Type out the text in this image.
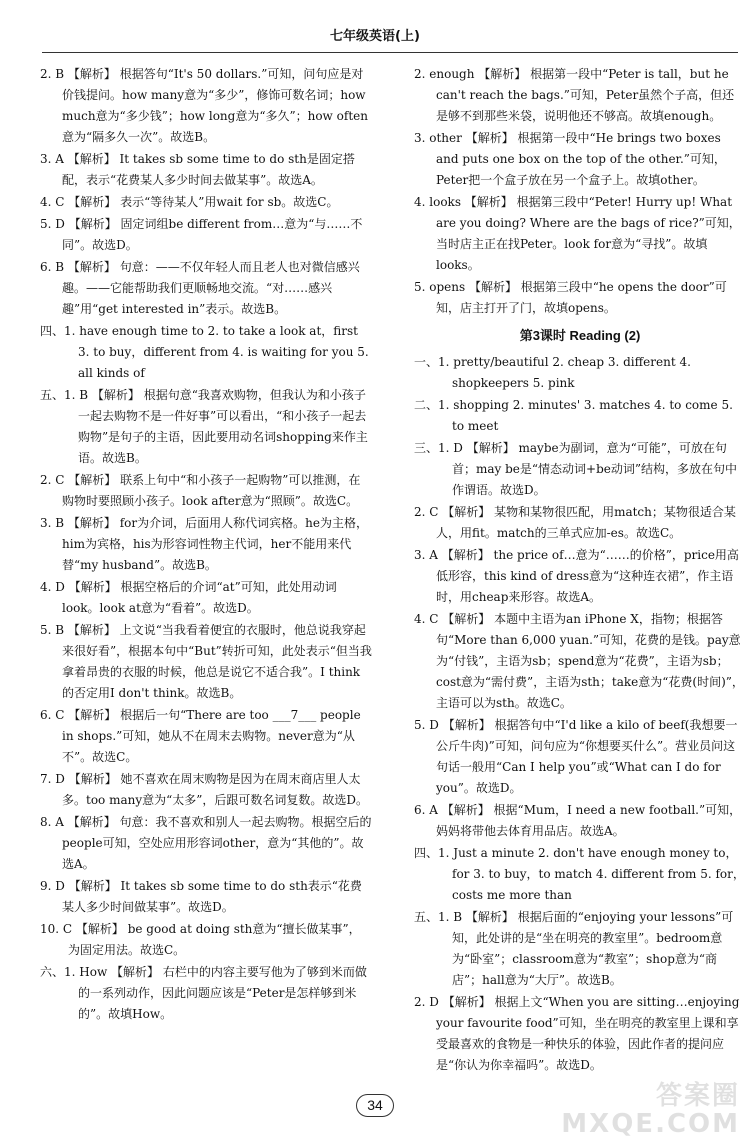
七年级英语(上)
2. B 【解析】 根据答句“It's 50 dollars.”可知，问句应是对价钱提问。how many意为“多少”，修饰可数名词；how much意为“多少钱”；how long意为“多久”；how often意为“隔多久一次”。故选B。
3. A 【解析】 It takes sb some time to do sth是固定搭配，表示“花费某人多少时间去做某事”。故选A。
4. C 【解析】 表示“等待某人”用wait for sb。故选C。
5. D 【解析】 固定词组be different from…意为“与……不同”。故选D。
6. B 【解析】 句意：——不仅年轻人而且老人也对微信感兴趣。——它能帮助我们更顺畅地交流。“对……感兴趣”用“get interested in”表示。故选B。
四、1. have enough time to 2. to take a look at，first 3. to buy，different from 4. is waiting for you 5. all kinds of
五、1. B 【解析】 根据句意“我喜欢购物，但我认为和小孩子一起去购物不是一件好事”可以看出，“和小孩子一起去购物”是句子的主语，因此要用动名词shopping来作主语。故选B。
2. C 【解析】 联系上句中“和小孩子一起购物”可以推测，在购物时要照顾小孩子。look after意为“照顾”。故选C。
3. B 【解析】 for为介词，后面用人称代词宾格。he为主格，him为宾格，his为形容词性物主代词，her不能用来代替“my husband”。故选B。
4. D 【解析】 根据空格后的介词“at”可知，此处用动词look。look at意为“看着”。故选D。
5. B 【解析】 上文说“当我看着便宜的衣服时，他总说我穿起来很好看”，根据本句中“But”转折可知，此处表示“但当我拿着昂贵的衣服的时候，他总是说它不适合我”。I think的否定用I don't think。故选B。
6. C 【解析】 根据后一句“There are too ___7___ people in shops.”可知，她从不在周末去购物。never意为“从不”。故选C。
7. D 【解析】 她不喜欢在周末购物是因为在周末商店里人太多。too many意为“太多”，后跟可数名词复数。故选D。
8. A 【解析】 句意：我不喜欢和别人一起去购物。根据空后的people可知，空处应用形容词other，意为“其他的”。故选A。
9. D 【解析】 It takes sb some time to do sth表示“花费某人多少时间做某事”。故选D。
10. C 【解析】 be good at doing sth意为“擅长做某事”，为固定用法。故选C。
六、1. How 【解析】 右栏中的内容主要写他为了够到米而做的一系列动作，因此问题应该是“Peter是怎样够到米的”。故填How。
2. enough 【解析】 根据第一段中“Peter is tall，but he can't reach the bags.”可知，Peter虽然个子高，但还是够不到那些米袋，说明他还不够高。故填enough。
3. other 【解析】 根据第一段中“He brings two boxes and puts one box on the top of the other.”可知，Peter把一个盒子放在另一个盒子上。故填other。
4. looks 【解析】 根据第三段中“Peter! Hurry up! What are you doing? Where are the bags of rice?”可知，当时店主正在找Peter。look for意为“寻找”。故填looks。
5. opens 【解析】 根据第三段中“he opens the door”可知，店主打开了门，故填opens。
第3课时 Reading (2)
一、1. pretty/beautiful 2. cheap 3. different 4. shopkeepers 5. pink
二、1. shopping 2. minutes' 3. matches 4. to come 5. to meet
三、1. D 【解析】 maybe为副词，意为“可能”，可放在句首；may be是“情态动词+be动词”结构，多放在句中作谓语。故选D。
2. C 【解析】 某物和某物很匹配，用match；某物很适合某人，用fit。match的三单式应加-es。故选C。
3. A 【解析】 the price of…意为“……的价格”，price用高低形容，this kind of dress意为“这种连衣裙”，作主语时，用cheap来形容。故选A。
4. C 【解析】 本题中主语为an iPhone X，指物；根据答句“More than 6,000 yuan.”可知，花费的是钱。pay意为“付钱”，主语为sb；spend意为“花费”，主语为sb；cost意为“需付费”，主语为sth；take意为“花费(时间)”，主语可以为sth。故选C。
5. D 【解析】 根据答句中“I'd like a kilo of beef(我想要一公斤牛肉)”可知，问句应为“你想要买什么”。营业员问这句话一般用“Can I help you”或“What can I do for you”。故选D。
6. A 【解析】 根据“Mum，I need a new football.”可知，妈妈将带他去体育用品店。故选A。
四、1. Just a minute 2. don't have enough money to，for 3. to buy，to match 4. different from 5. for，costs me more than
五、1. B 【解析】 根据后面的“enjoying your lessons”可知，此处讲的是“坐在明亮的教室里”。bedroom意为“卧室”；classroom意为“教室”；shop意为“商店”；hall意为“大厅”。故选B。
2. D 【解析】 根据上文“When you are sitting…enjoying your favourite food”可知，坐在明亮的教室里上课和享受最喜欢的食物是一种快乐的体验，因此作者的提问应是“你认为你幸福吗”。故选D。
34	答案圈
MXQE.COM
